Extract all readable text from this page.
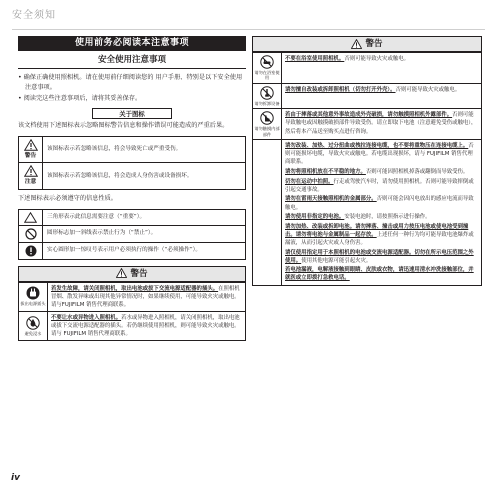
安全须知
使用前务必阅读本注意事项
安全使用注意事项
• 确保正确使用照相机。请在使用前仔细阅读您的 用户手册、特别是以下安全使用注意事项。
• 阅读完这些注意事项后，请将其妥善保存。
关于图标
该文档使用下述图标表示忽略图标警告信息和操作错误可能造成的严重后果。
警告	该图标表示若忽略该信息，将会导致死亡或严重受伤。

注意	该图标表示若忽略该信息，将会造成人身伤害或设备损坏。
下述图标表示必须遵守的信息性质。
	三角形表示此信息需要注意（“重要”）。

	圆形标志加一斜线表示禁止行为（“禁止”）。

	实心圆形加一惊叹号表示用户必须执行的操作（“必须操作”）。
警告
拔出电源插头
若发生故障，请关闭照相机，取出电池或拔下交流电源适配器的插头。在照相机冒烟、散发异味或出现其他异常情况时，如果继续使用，可能导致火灾或触电。请与FUJIFILM 销售代理商联系。
避免浸水
不要让水或异物进入照相机。若水或异物进入照相机，请关闭照相机，取出电池或拔下交流电源适配器的插头。若仍继续使用照相机，则可能导致火灾或触电。请与 FUJIFILM 销售代理商联系。
警告
请勿在浴室使用
不要在浴室使用照相机。否则可能导致火灾或触电。
请勿拆卸设备
请勿擅自改装或拆卸照相机（切勿打开外壳）。否则可能导致火灾或触电。
请勿触摸内部部件
若由于摔落或其他意外事故造成外壳破损，请勿触摸照相机外露部件。否则可能导致触电或因触摸破损部件导致受伤。请立即取下电池（注意避免受伤或触电），然后将本产品送至购买点进行咨询。
请勿改装、加热、过分扭曲或拽拉连接电缆，也不要将重物压在连接电缆上。否则可能损坏电缆，导致火灾或触电。若电缆出现损坏，请与 FUJIFILM 销售代理商联系。
请勿将照相机放在不平稳的地方。否则可能因照相机掉落或翻倒而导致受伤。
切勿在运动中拍照。行走或驾驶汽车时，请勿使用照相机。否则可能导致摔倒或引起交通事故。
请勿在雷雨天接触照相机的金属部分。否则可能会因闪电放出的感应电流而导致触电。
请勿使用非指定的电池。安装电池时，请按照指示进行操作。
请勿加热、改装或拆卸电池。请勿摔落、撞击或用力按压电池或使电池受到撞击。请勿将电池与金属制品一起存放。上述任何一种行为均可能导致电池爆炸或漏液，从而引起火灾或人身伤害。
请仅使用指定用于本照相机的电池或交流电源适配器。切勿在所示电压范围之外使用。使用其他电源可能引起火灾。
若电池漏液，电解液接触到眼睛、皮肤或衣物，请迅速用清水冲洗接触部位，并就医或立即拨打急救电话。
iv
